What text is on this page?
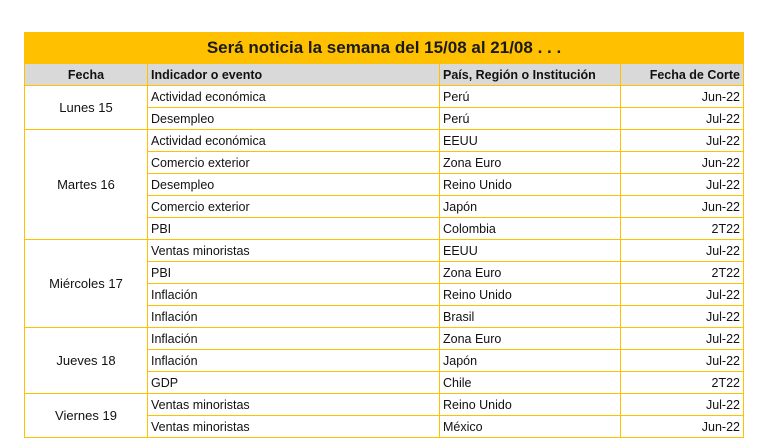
Será noticia la semana del 15/08 al 21/08 . . .			
Fecha	Indicador o evento	País, Región o Institución	Fecha de Corte
Lunes 15	Actividad económica	Perú	Jun-22
	Desempleo	Perú	Jul-22
Martes 16	Actividad económica	EEUU	Jul-22
	Comercio exterior	Zona Euro	Jun-22
	Desempleo	Reino Unido	Jul-22
	Comercio exterior	Japón	Jun-22
	PBI	Colombia	2T22
Miércoles 17	Ventas minoristas	EEUU	Jul-22
	PBI	Zona Euro	2T22
	Inflación	Reino Unido	Jul-22
	Inflación	Brasil	Jul-22
Jueves 18	Inflación	Zona Euro	Jul-22
	Inflación	Japón	Jul-22
	GDP	Chile	2T22
Viernes 19	Ventas minoristas	Reino Unido	Jul-22
	Ventas minoristas	México	Jun-22
